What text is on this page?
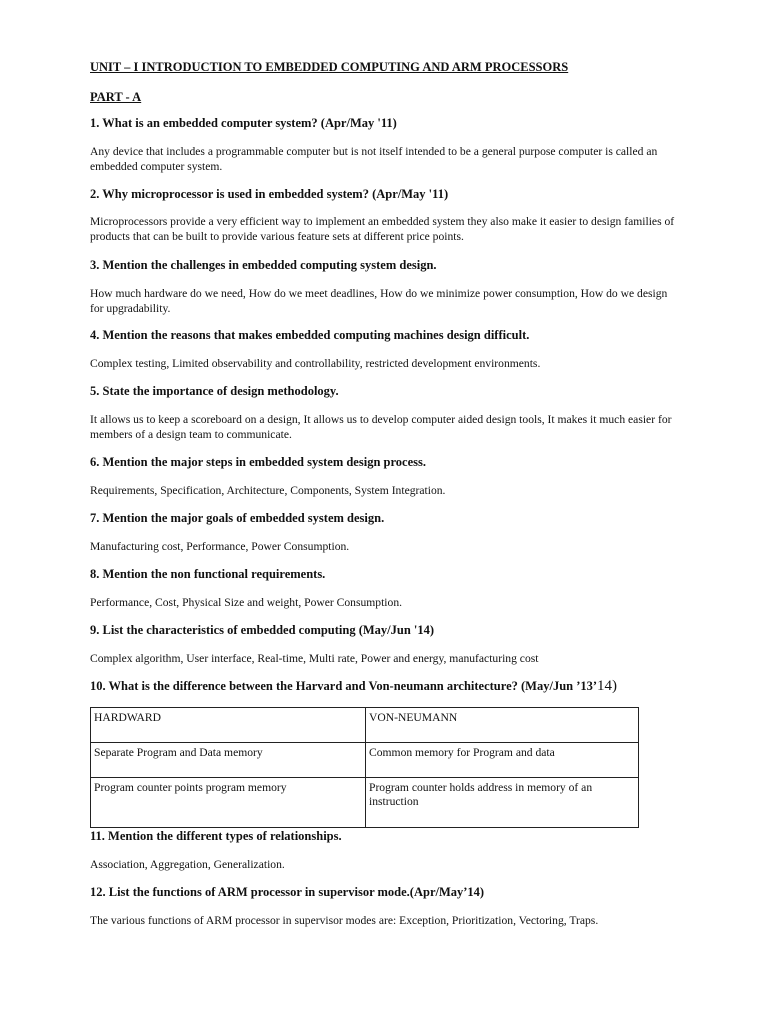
UNIT – I INTRODUCTION TO EMBEDDED COMPUTING AND ARM PROCESSORS
PART - A
1. What is an embedded computer system? (Apr/May '11)
Any device that includes a programmable computer but is not itself intended to be a general purpose computer is called an embedded computer system.
2. Why microprocessor is used in embedded system? (Apr/May '11)
Microprocessors provide a very efficient way to implement an embedded system they also make it easier to design families of products that can be built to provide various feature sets at different price points.
3. Mention the challenges in embedded computing system design.
How much hardware do we need, How do we meet deadlines, How do we minimize power consumption, How do we design for upgradability.
4. Mention the reasons that makes embedded computing machines design difficult.
Complex testing, Limited observability and controllability, restricted development environments.
5. State the importance of design methodology.
It allows us to keep a scoreboard on a design, It allows us to develop computer aided design tools, It makes it much easier for members of a design team to communicate.
6. Mention the major steps in embedded system design process.
Requirements, Specification, Architecture, Components, System Integration.
7. Mention the major goals of embedded system design.
Manufacturing cost, Performance, Power Consumption.
8. Mention the non functional requirements.
Performance, Cost, Physical Size and weight, Power Consumption.
9. List the characteristics of embedded computing (May/Jun '14)
Complex algorithm, User interface, Real-time, Multi rate, Power and energy, manufacturing cost
10. What is the difference between the Harvard and Von-neumann architecture? (May/Jun ’13’14)
HARDWARD	VON-NEUMANN
Separate Program and Data memory	Common memory for Program and data
Program counter points program memory	Program counter holds address in memory of an instruction
11. Mention the different types of relationships.
Association, Aggregation, Generalization.
12. List the functions of ARM processor in supervisor mode.(Apr/May’14)
The various functions of ARM processor in supervisor modes are: Exception, Prioritization, Vectoring, Traps.
